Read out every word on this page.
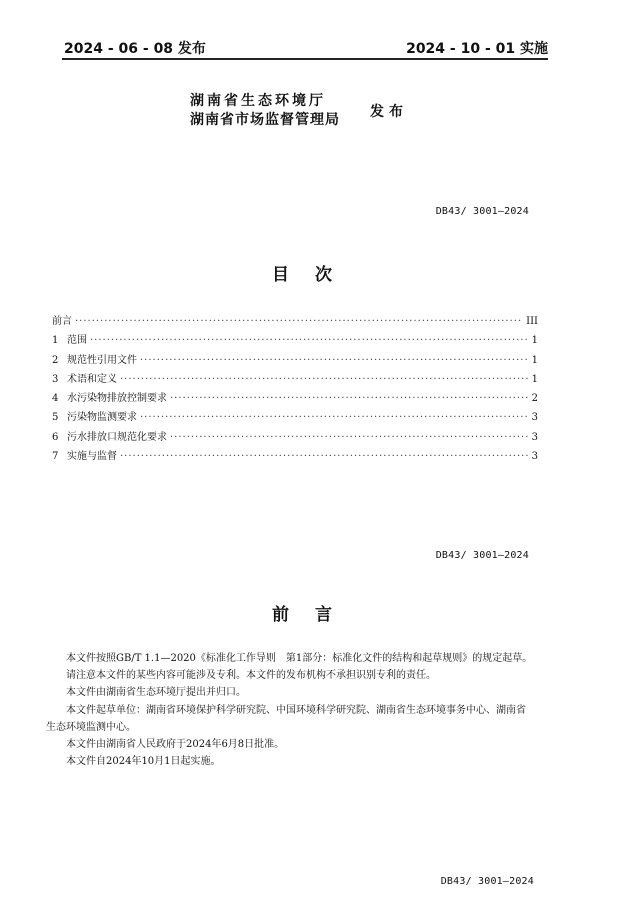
2024 - 06 - 08 发布	2024 - 10 - 01 实施
湖南省生态环境厅
湖南省市场监督管理局 发布
DB43/ 3001—2024
目次
前言 ·····	III
1 范围 ·····	1
2 规范性引用文件 ·····	1
3 术语和定义 ·····	1
4 水污染物排放控制要求 ·····	2
5 污染物监测要求 ·····	3
6 污水排放口规范化要求 ·····	3
7 实施与监督 ·····	3
DB43/ 3001—2024
前言

本文件按照GB/T 1.1—2020《标准化工作导则　第1部分：标准化文件的结构和起草规则》的规定起草。

请注意本文件的某些内容可能涉及专利。本文件的发布机构不承担识别专利的责任。

本文件由湖南省生态环境厅提出并归口。

本文件起草单位：湖南省环境保护科学研究院、中国环境科学研究院、湖南省生态环境事务中心、湖南省生态环境监测中心。

本文件由湖南省人民政府于2024年6月8日批准。

本文件自2024年10月1日起实施。

DB43/ 3001—2024
